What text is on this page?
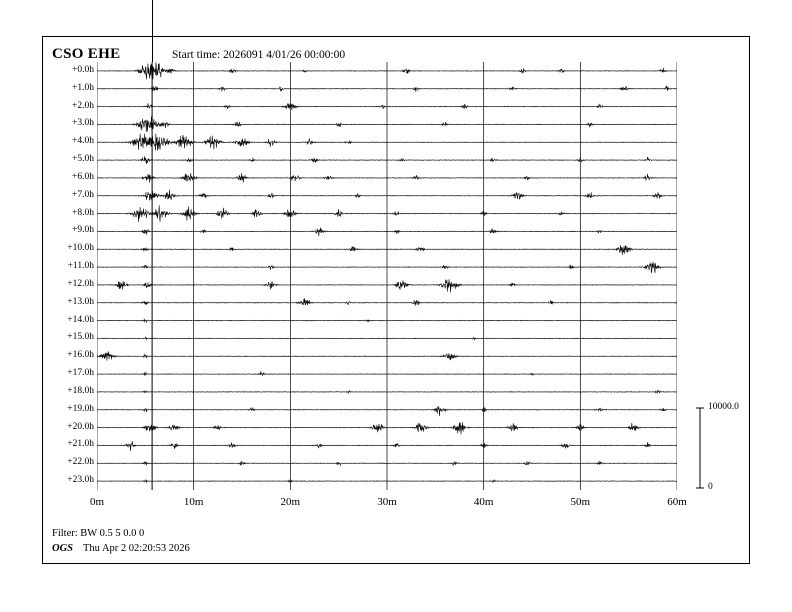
CSO EHE	Start time: 2026091 4/01/26 00:00:00
+0.0h
+1.0h
+2.0h
+3.0h
+4.0h
+5.0h
+6.0h
+7.0h
+8.0h
+9.0h
+10.0h
+11.0h
+12.0h
+13.0h
+14.0h
+15.0h
+16.0h
+17.0h
+18.0h
+19.0h
+20.0h
+21.0h
+22.0h
+23.0h
0m	10m	20m	30m	40m	50m	60m
10000.0
0
Filter: BW 0.5 5 0.0 0
OGS Thu Apr 2 02:20:53 2026
